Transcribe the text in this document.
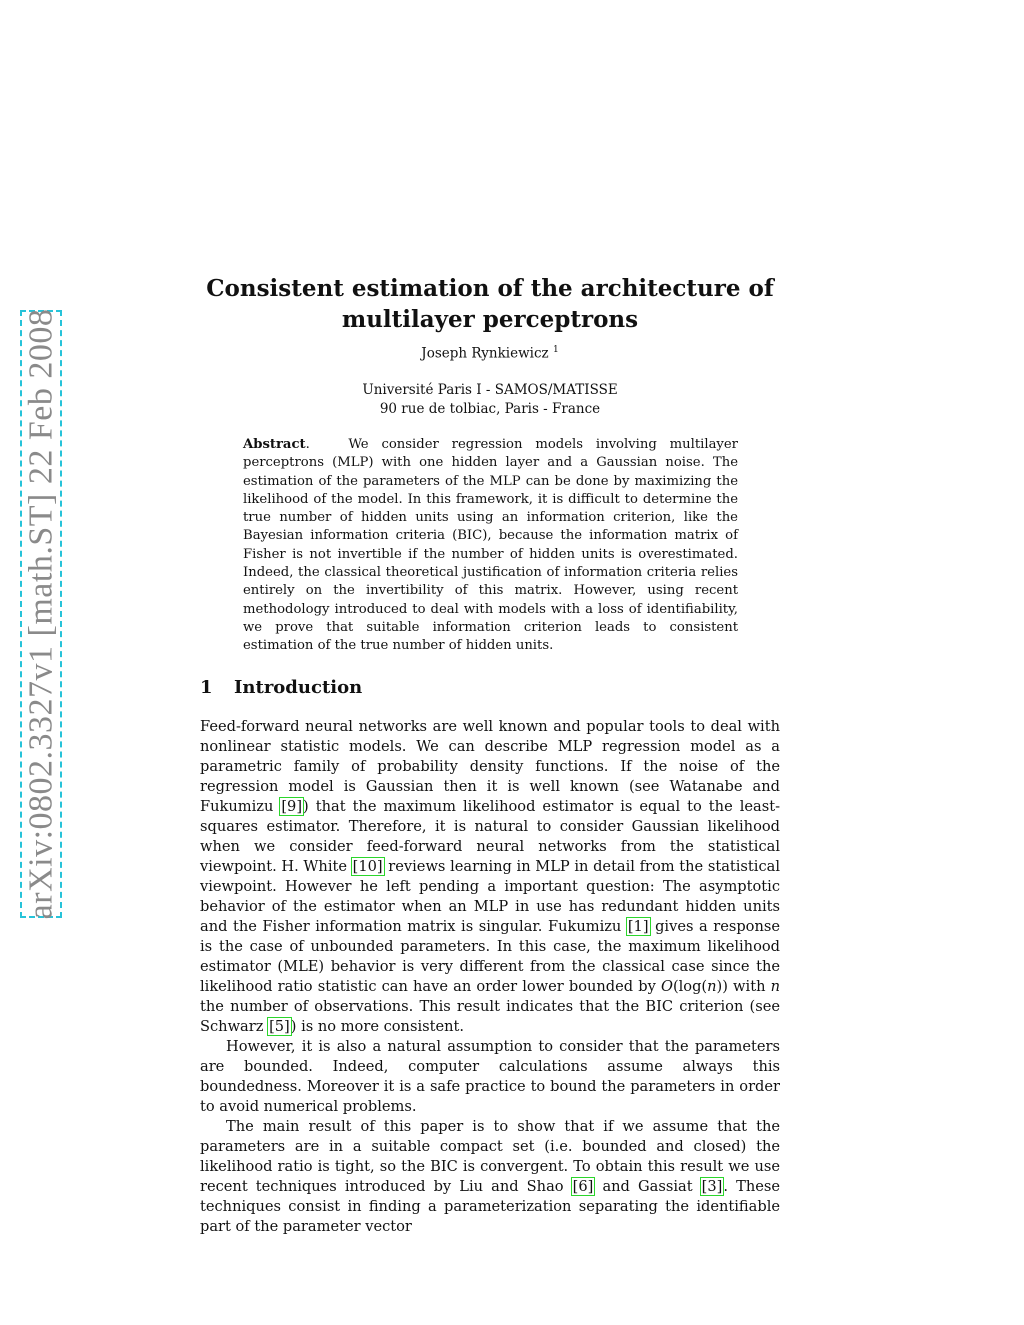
arXiv:0802.3327v1 [math.ST] 22 Feb 2008
Consistent estimation of the architecture of
multilayer perceptrons
Joseph Rynkiewicz $^1$
Université Paris I - SAMOS/MATISSE
90 rue de tolbiac, Paris - France

Abstract.   We consider regression models involving multilayer perceptrons (MLP) with one hidden layer and a Gaussian noise. The estimation of the parameters of the MLP can be done by maximizing the likelihood of the model. In this framework, it is difficult to determine the true number of hidden units using an information criterion, like the Bayesian information criteria (BIC), because the information matrix of Fisher is not invertible if the number of hidden units is overestimated. Indeed, the classical theoretical justification of information criteria relies entirely on the invertibility of this matrix. However, using recent methodology introduced to deal with models with a loss of identifiability, we prove that suitable information criterion leads to consistent estimation of the true number of hidden units.

1 Introduction

Feed-forward neural networks are well known and popular tools to deal with nonlinear statistic models. We can describe MLP regression model as a parametric family of probability density functions. If the noise of the regression model is Gaussian then it is well known (see Watanabe and Fukumizu [9]) that the maximum likelihood estimator is equal to the least-squares estimator. Therefore, it is natural to consider Gaussian likelihood when we consider feed-forward neural networks from the statistical viewpoint. H. White [10] reviews learning in MLP in detail from the statistical viewpoint. However he left pending a important question: The asymptotic behavior of the estimator when an MLP in use has redundant hidden units and the Fisher information matrix is singular. Fukumizu [1] gives a response is the case of unbounded parameters. In this case, the maximum likelihood estimator (MLE) behavior is very different from the classical case since the likelihood ratio statistic can have an order lower bounded by O(log(n)) with n the number of observations. This result indicates that the BIC criterion (see Schwarz [5]) is no more consistent.

However, it is also a natural assumption to consider that the parameters are bounded. Indeed, computer calculations assume always this boundedness. Moreover it is a safe practice to bound the parameters in order to avoid numerical problems.

The main result of this paper is to show that if we assume that the parameters are in a suitable compact set (i.e. bounded and closed) the likelihood ratio is tight, so the BIC is convergent. To obtain this result we use recent techniques introduced by Liu and Shao [6] and Gassiat [3]. These techniques consist in finding a parameterization separating the identifiable part of the parameter vector
